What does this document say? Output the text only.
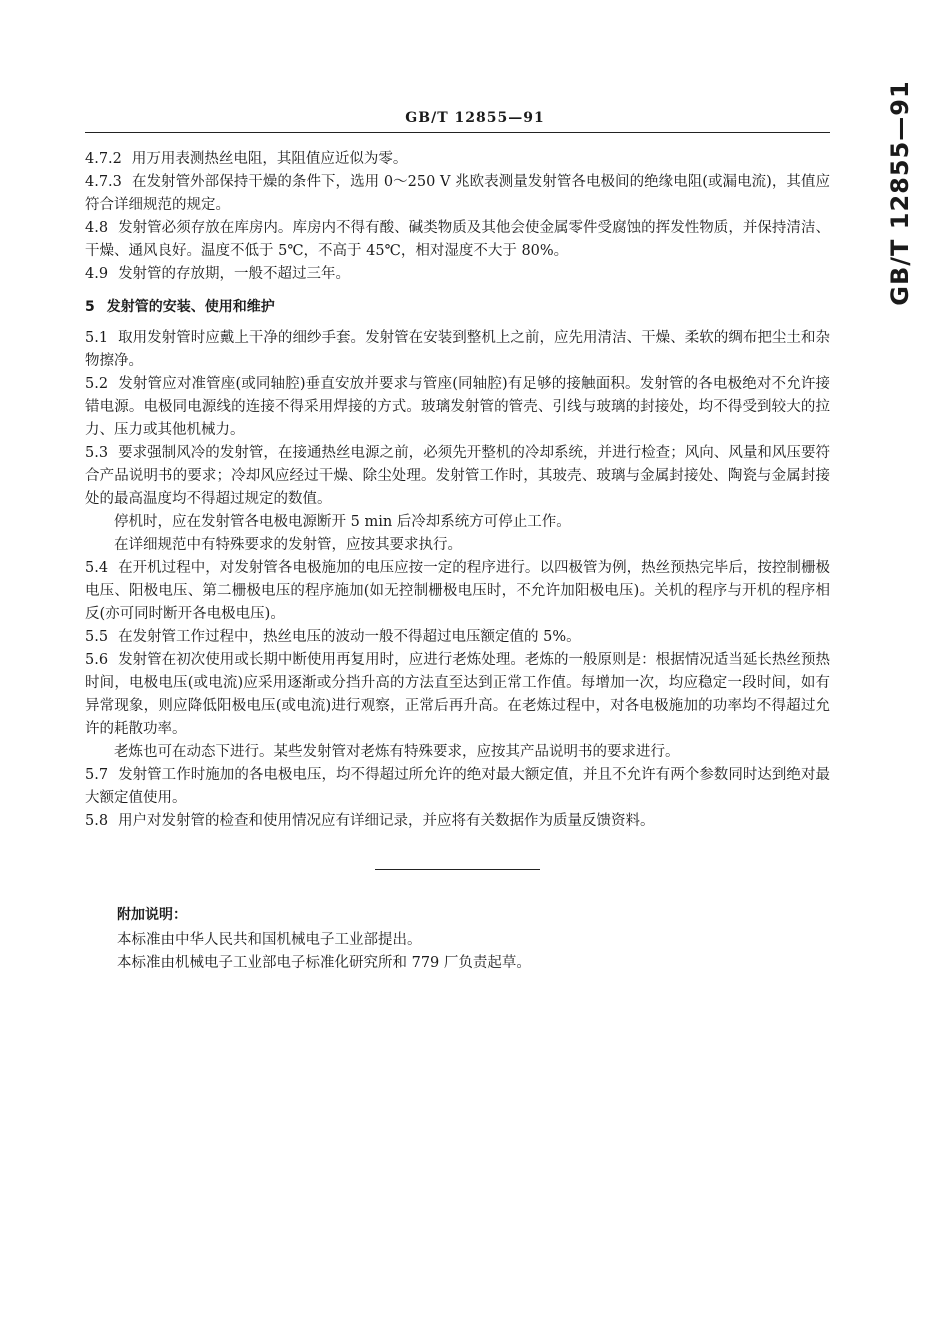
GB/T 12855—91	GB/T 12855—91
4.7.2 用万用表测热丝电阻，其阻值应近似为零。
4.7.3 在发射管外部保持干燥的条件下，选用 0～250 V 兆欧表测量发射管各电极间的绝缘电阻(或漏电流)，其值应符合详细规范的规定。
4.8 发射管必须存放在库房内。库房内不得有酸、碱类物质及其他会使金属零件受腐蚀的挥发性物质，并保持清洁、干燥、通风良好。温度不低于 5℃，不高于 45℃，相对湿度不大于 80%。
4.9 发射管的存放期，一般不超过三年。
5 发射管的安装、使用和维护
5.1 取用发射管时应戴上干净的细纱手套。发射管在安装到整机上之前，应先用清洁、干燥、柔软的绸布把尘土和杂物擦净。
5.2 发射管应对准管座(或同轴腔)垂直安放并要求与管座(同轴腔)有足够的接触面积。发射管的各电极绝对不允许接错电源。电极同电源线的连接不得采用焊接的方式。玻璃发射管的管壳、引线与玻璃的封接处，均不得受到较大的拉力、压力或其他机械力。
5.3 要求强制风冷的发射管，在接通热丝电源之前，必须先开整机的冷却系统，并进行检查；风向、风量和风压要符合产品说明书的要求；冷却风应经过干燥、除尘处理。发射管工作时，其玻壳、玻璃与金属封接处、陶瓷与金属封接处的最高温度均不得超过规定的数值。
停机时，应在发射管各电极电源断开 5 min 后冷却系统方可停止工作。
在详细规范中有特殊要求的发射管，应按其要求执行。
5.4 在开机过程中，对发射管各电极施加的电压应按一定的程序进行。以四极管为例，热丝预热完毕后，按控制栅极电压、阳极电压、第二栅极电压的程序施加(如无控制栅极电压时，不允许加阳极电压)。关机的程序与开机的程序相反(亦可同时断开各电极电压)。
5.5 在发射管工作过程中，热丝电压的波动一般不得超过电压额定值的 5%。
5.6 发射管在初次使用或长期中断使用再复用时，应进行老炼处理。老炼的一般原则是：根据情况适当延长热丝预热时间，电极电压(或电流)应采用逐渐或分挡升高的方法直至达到正常工作值。每增加一次，均应稳定一段时间，如有异常现象，则应降低阳极电压(或电流)进行观察，正常后再升高。在老炼过程中，对各电极施加的功率均不得超过允许的耗散功率。
老炼也可在动态下进行。某些发射管对老炼有特殊要求，应按其产品说明书的要求进行。
5.7 发射管工作时施加的各电极电压，均不得超过所允许的绝对最大额定值，并且不允许有两个参数同时达到绝对最大额定值使用。
5.8 用户对发射管的检查和使用情况应有详细记录，并应将有关数据作为质量反馈资料。
附加说明：
本标准由中华人民共和国机械电子工业部提出。
本标准由机械电子工业部电子标准化研究所和 779 厂负责起草。
